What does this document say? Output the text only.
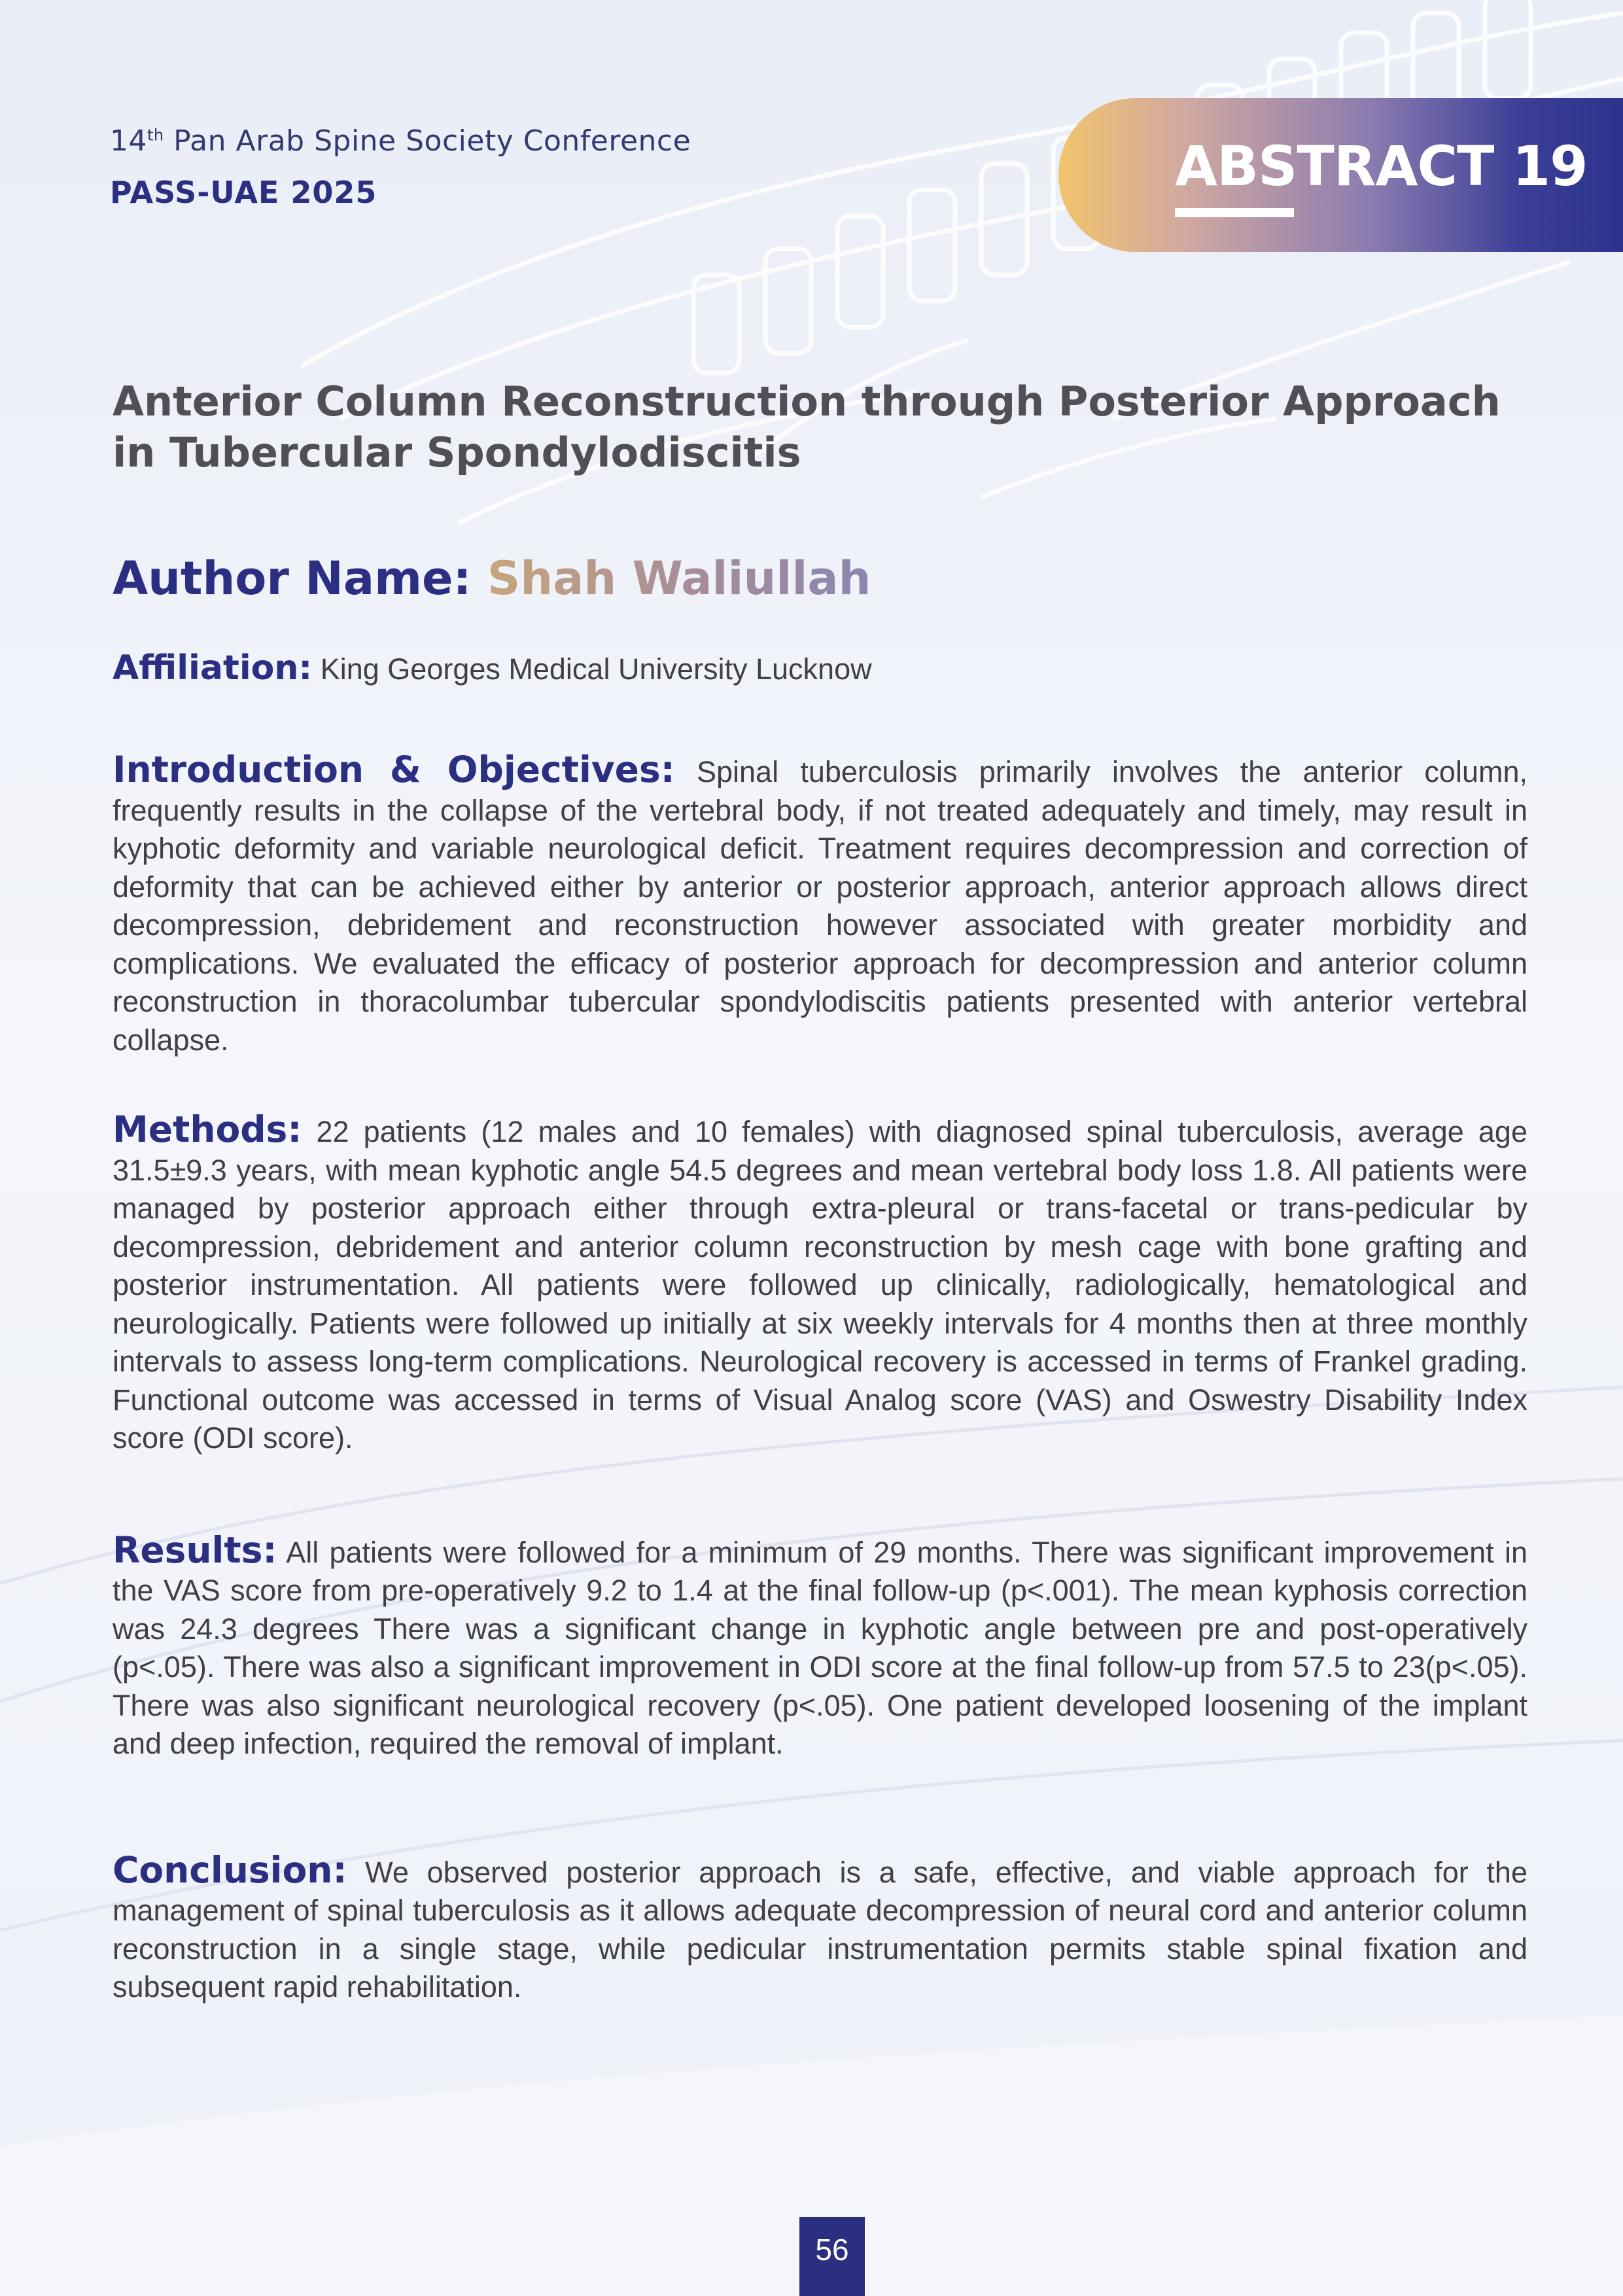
14th Pan Arab Spine Society Conference
PASS-UAE 2025	ABSTRACT 19
Anterior Column Reconstruction through Posterior Approach in Tubercular Spondylodiscitis
Author Name: Shah Waliullah
Affiliation: King Georges Medical University Lucknow

Introduction & Objectives: Spinal tuberculosis primarily involves the anterior column, frequently results in the collapse of the vertebral body, if not treated adequately and timely, may result in kyphotic deformity and variable neurological deficit. Treatment requires decompression and correction of deformity that can be achieved either by anterior or posterior approach, anterior approach allows direct decompression, debridement and reconstruction however associated with greater morbidity and complications. We evaluated the efficacy of posterior approach for decompression and anterior column reconstruction in thoracolumbar tubercular spondylodiscitis patients presented with anterior vertebral collapse.

Methods: 22 patients (12 males and 10 females) with diagnosed spinal tuberculosis, average age 31.5±9.3 years, with mean kyphotic angle 54.5 degrees and mean vertebral body loss 1.8. All patients were managed by posterior approach either through extra-pleural or trans-facetal or trans-pedicular by decompression, debridement and anterior column reconstruction by mesh cage with bone grafting and posterior instrumentation. All patients were followed up clinically, radiologically, hematological and neurologically. Patients were followed up initially at six weekly intervals for 4 months then at three monthly intervals to assess long-term complications. Neurological recovery is accessed in terms of Frankel grading. Functional outcome was accessed in terms of Visual Analog score (VAS) and Oswestry Disability Index score (ODI score).

Results: All patients were followed for a minimum of 29 months. There was significant improvement in the VAS score from pre-operatively 9.2 to 1.4 at the final follow-up (p<.001). The mean kyphosis correction was 24.3 degrees There was a significant change in kyphotic angle between pre and post-operatively (p<.05). There was also a significant improvement in ODI score at the final follow-up from 57.5 to 23(p<.05). There was also significant neurological recovery (p<.05). One patient developed loosening of the implant and deep infection, required the removal of implant.

Conclusion: We observed posterior approach is a safe, effective, and viable approach for the management of spinal tuberculosis as it allows adequate decompression of neural cord and anterior column reconstruction in a single stage, while pedicular instrumentation permits stable spinal fixation and subsequent rapid rehabilitation.

56
